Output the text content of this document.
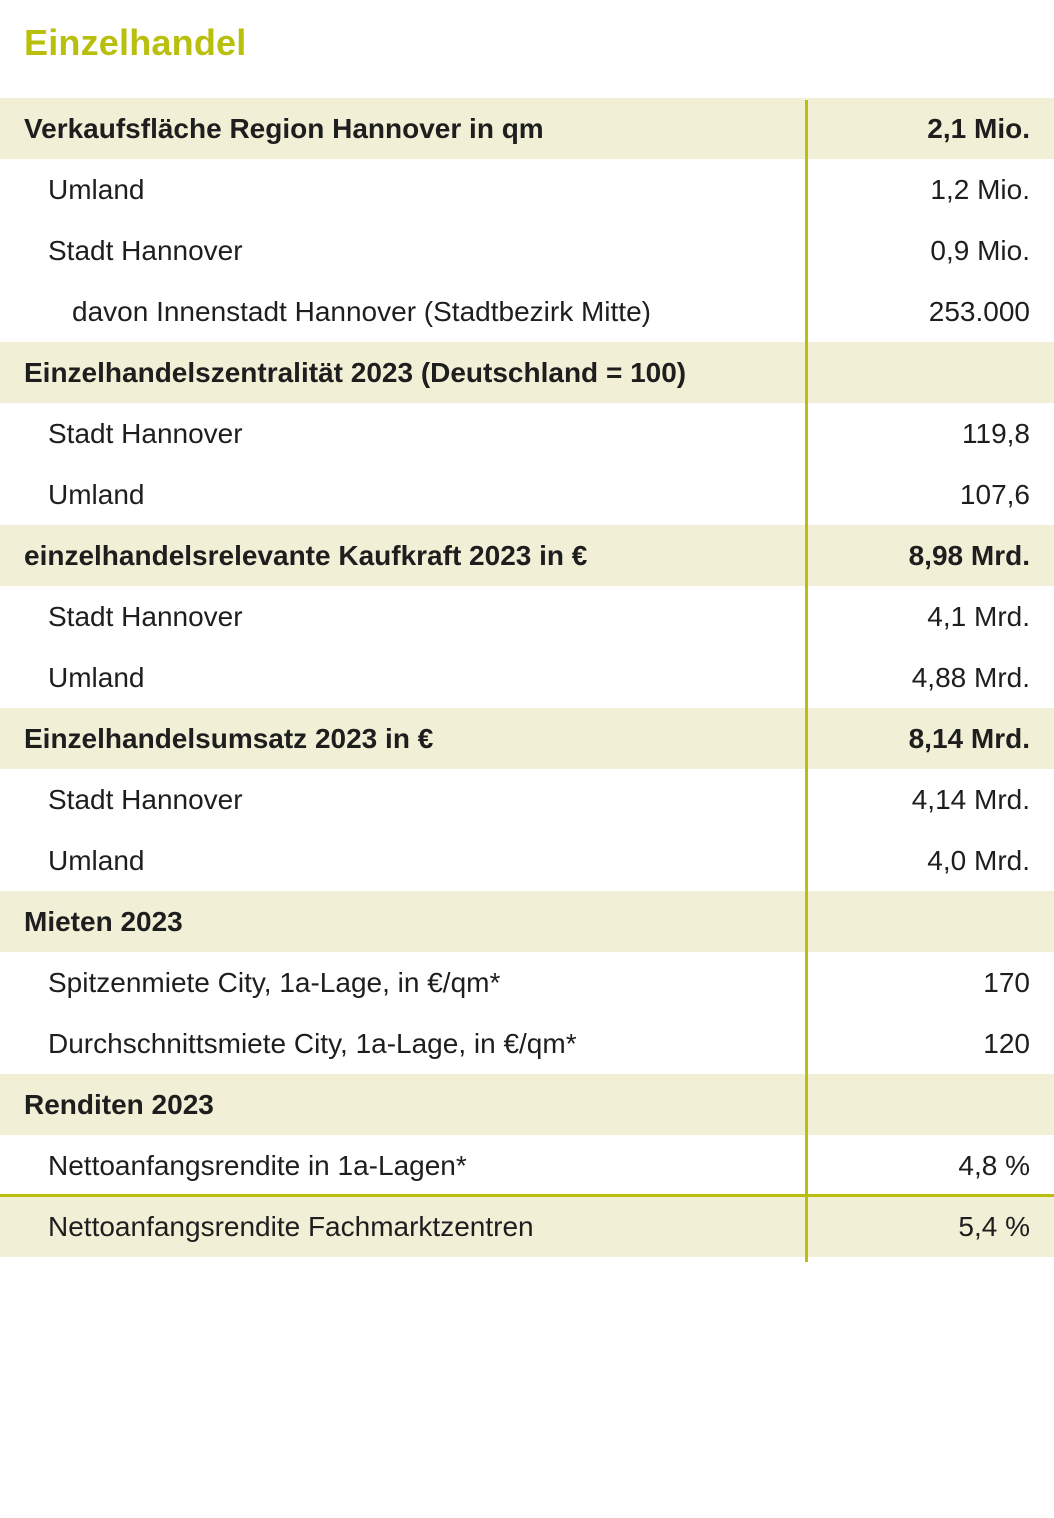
Einzelhandel
Verkaufsfläche Region Hannover in qm	2,1 Mio.
Umland	1,2 Mio.
Stadt Hannover	0,9 Mio.
davon Innenstadt Hannover (Stadtbezirk Mitte)	253.000
Einzelhandelszentralität 2023 (Deutschland = 100)
Stadt Hannover	119,8
Umland	107,6
einzelhandelsrelevante Kaufkraft 2023 in €	8,98 Mrd.
Stadt Hannover	4,1 Mrd.
Umland	4,88 Mrd.
Einzelhandelsumsatz 2023 in €	8,14 Mrd.
Stadt Hannover	4,14 Mrd.
Umland	4,0 Mrd.
Mieten 2023
Spitzenmiete City, 1a-Lage, in €/qm*	170
Durchschnittsmiete City, 1a-Lage, in €/qm*	120
Renditen 2023
Nettoanfangsrendite in 1a-Lagen*	4,8 %
Nettoanfangsrendite Fachmarktzentren	5,4 %
